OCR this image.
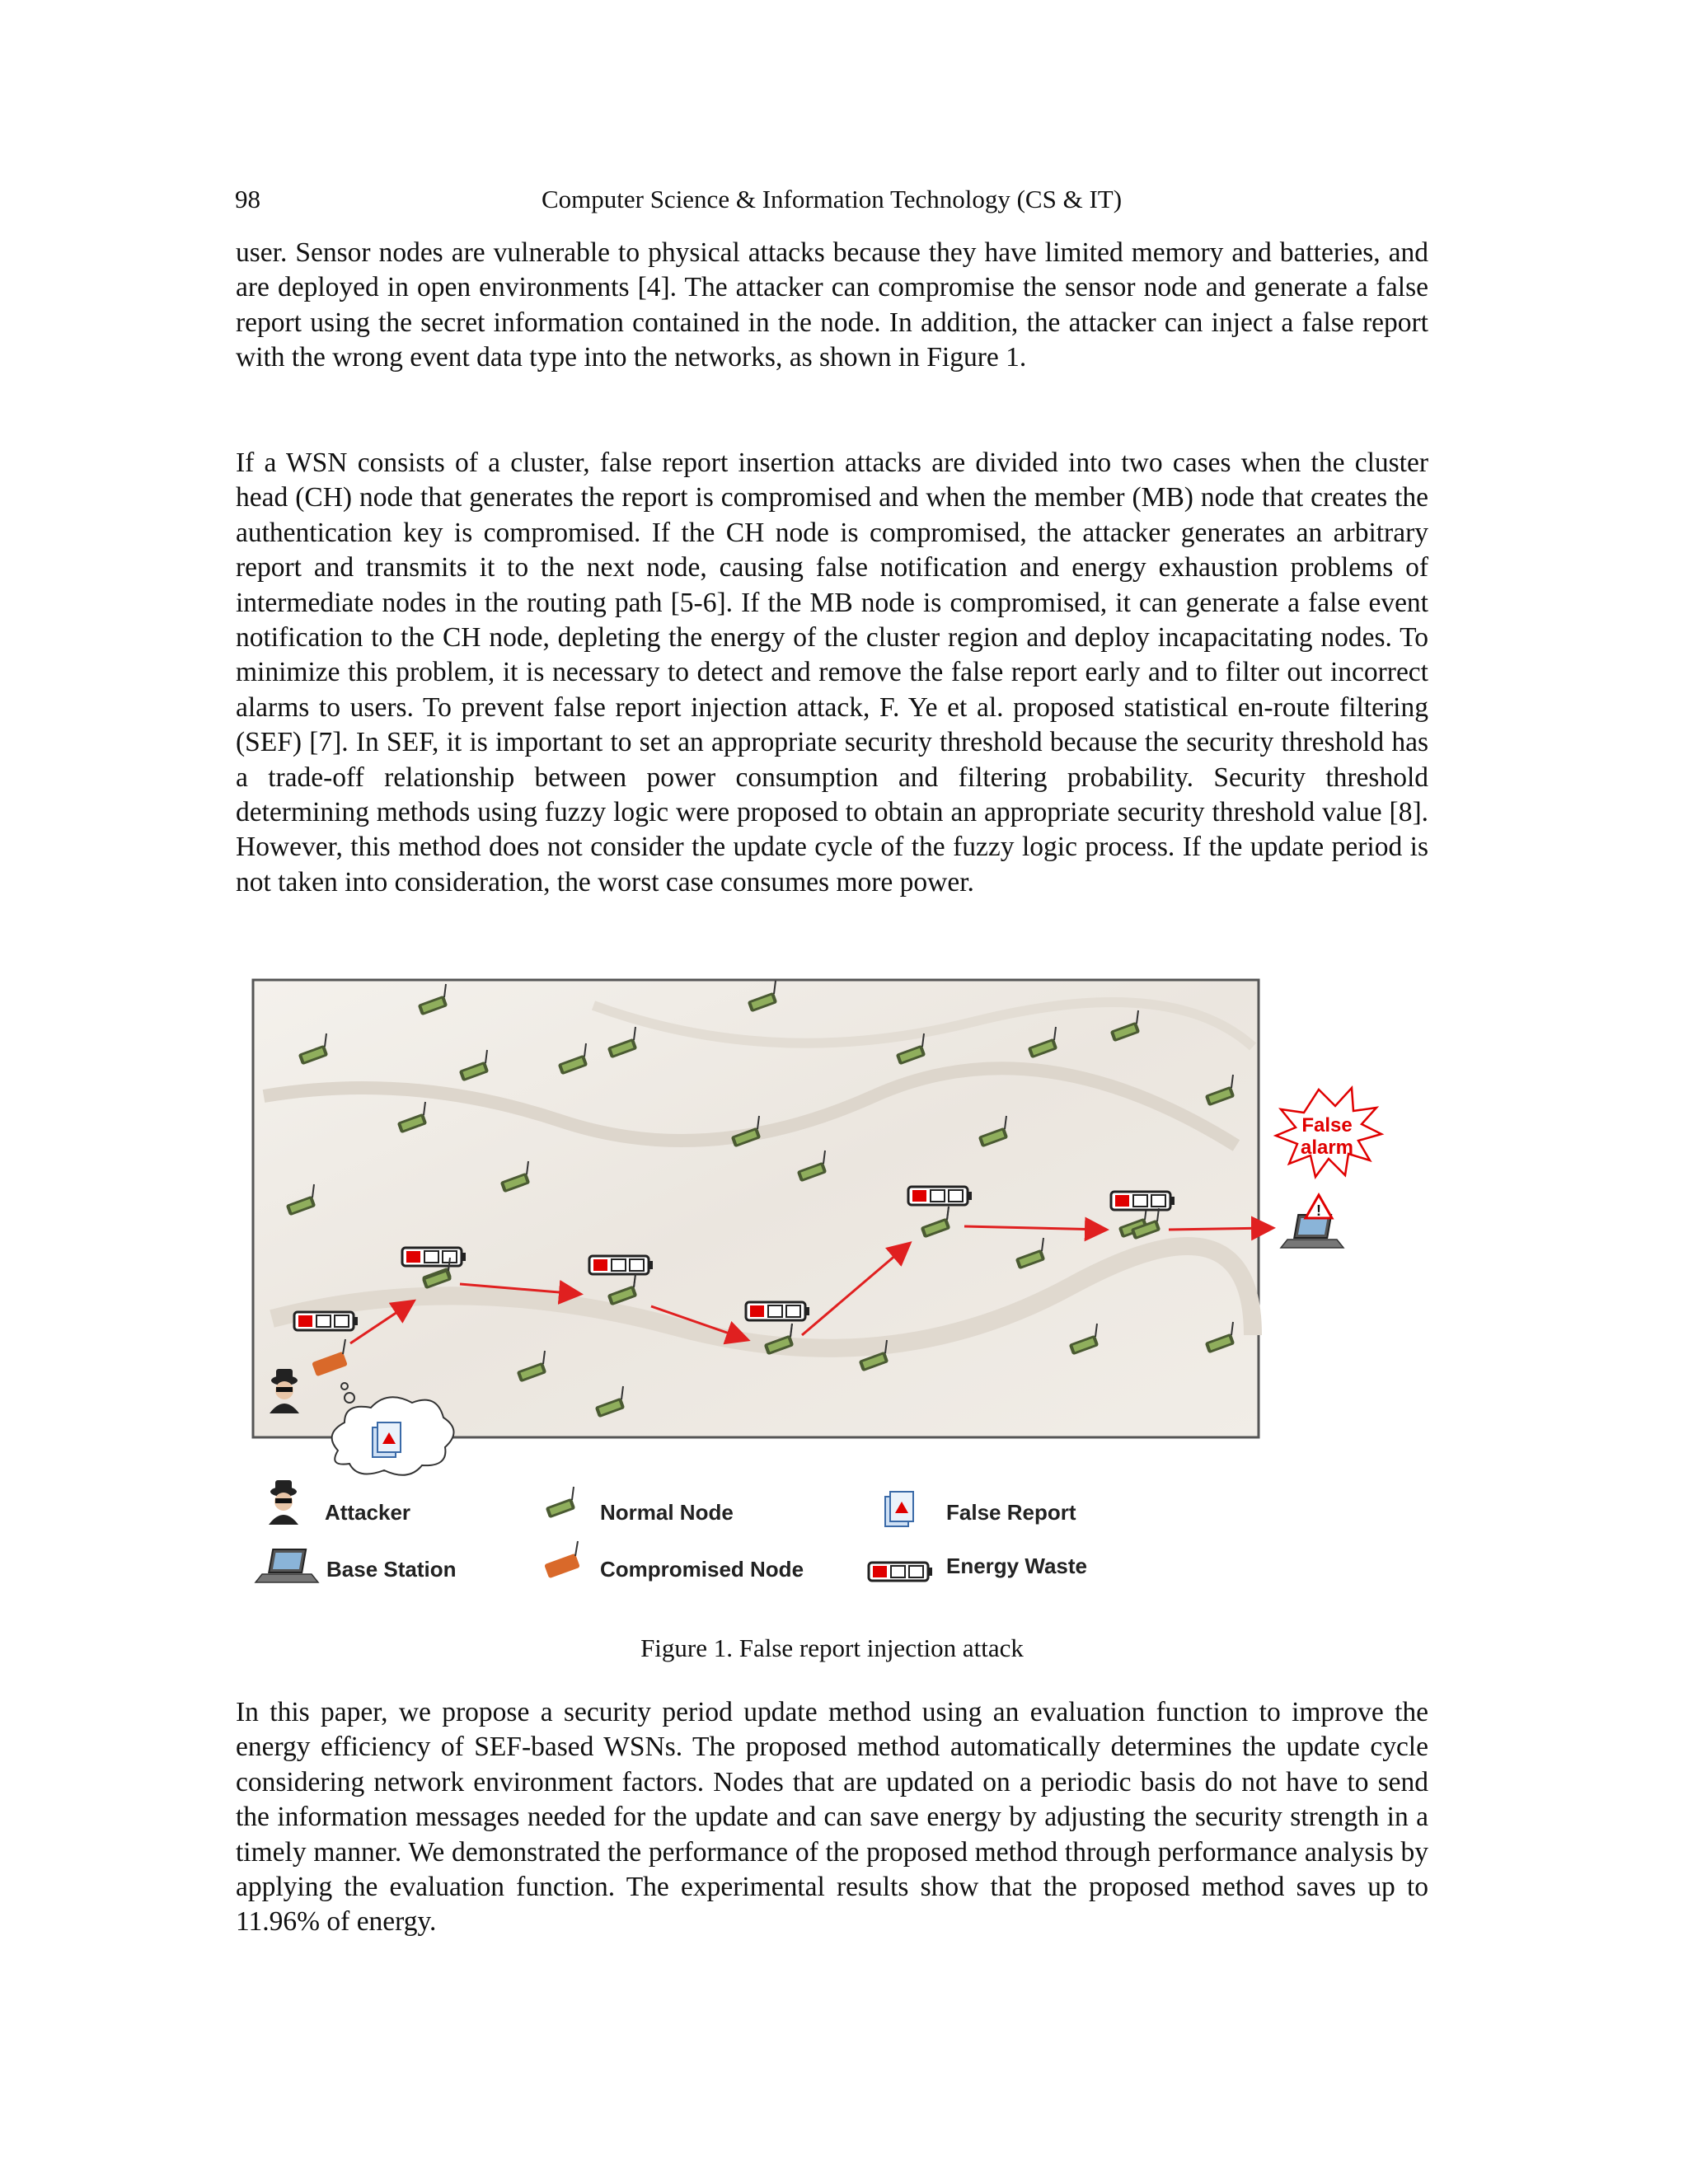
98	Computer Science & Information Technology (CS & IT)

user. Sensor nodes are vulnerable to physical attacks because they have limited memory and batteries, and are deployed in open environments [4]. The attacker can compromise the sensor node and generate a false report using the secret information contained in the node. In addition, the attacker can inject a false report with the wrong event data type into the networks, as shown in Figure 1.

If a WSN consists of a cluster, false report insertion attacks are divided into two cases when the cluster head (CH) node that generates the report is compromised and when the member (MB) node that creates the authentication key is compromised. If the CH node is compromised, the attacker generates an arbitrary report and transmits it to the next node, causing false notification and energy exhaustion problems of intermediate nodes in the routing path [5-6]. If the MB node is compromised, it can generate a false event notification to the CH node, depleting the energy of the cluster region and deploy incapacitating nodes. To minimize this problem, it is necessary to detect and remove the false report early and to filter out incorrect alarms to users. To prevent false report injection attack, F. Ye et al. proposed statistical en-route filtering (SEF) [7]. In SEF, it is important to set an appropriate security threshold because the security threshold has a trade-off relationship between power consumption and filtering probability. Security threshold determining methods using fuzzy logic were proposed to obtain an appropriate security threshold value [8]. However, this method does not consider the update cycle of the fuzzy logic process. If the update period is not taken into consideration, the worst case consumes more power.

!
False
alarm
Attacker	Normal Node	False Report
Base Station	Compromised Node	Energy Waste
Figure 1. False report injection attack

In this paper, we propose a security period update method using an evaluation function to improve the energy efficiency of SEF-based WSNs. The proposed method automatically determines the update cycle considering network environment factors. Nodes that are updated on a periodic basis do not have to send the information messages needed for the update and can save energy by adjusting the security strength in a timely manner. We demonstrated the performance of the proposed method through performance analysis by applying the evaluation function. The experimental results show that the proposed method saves up to 11.96% of energy.
